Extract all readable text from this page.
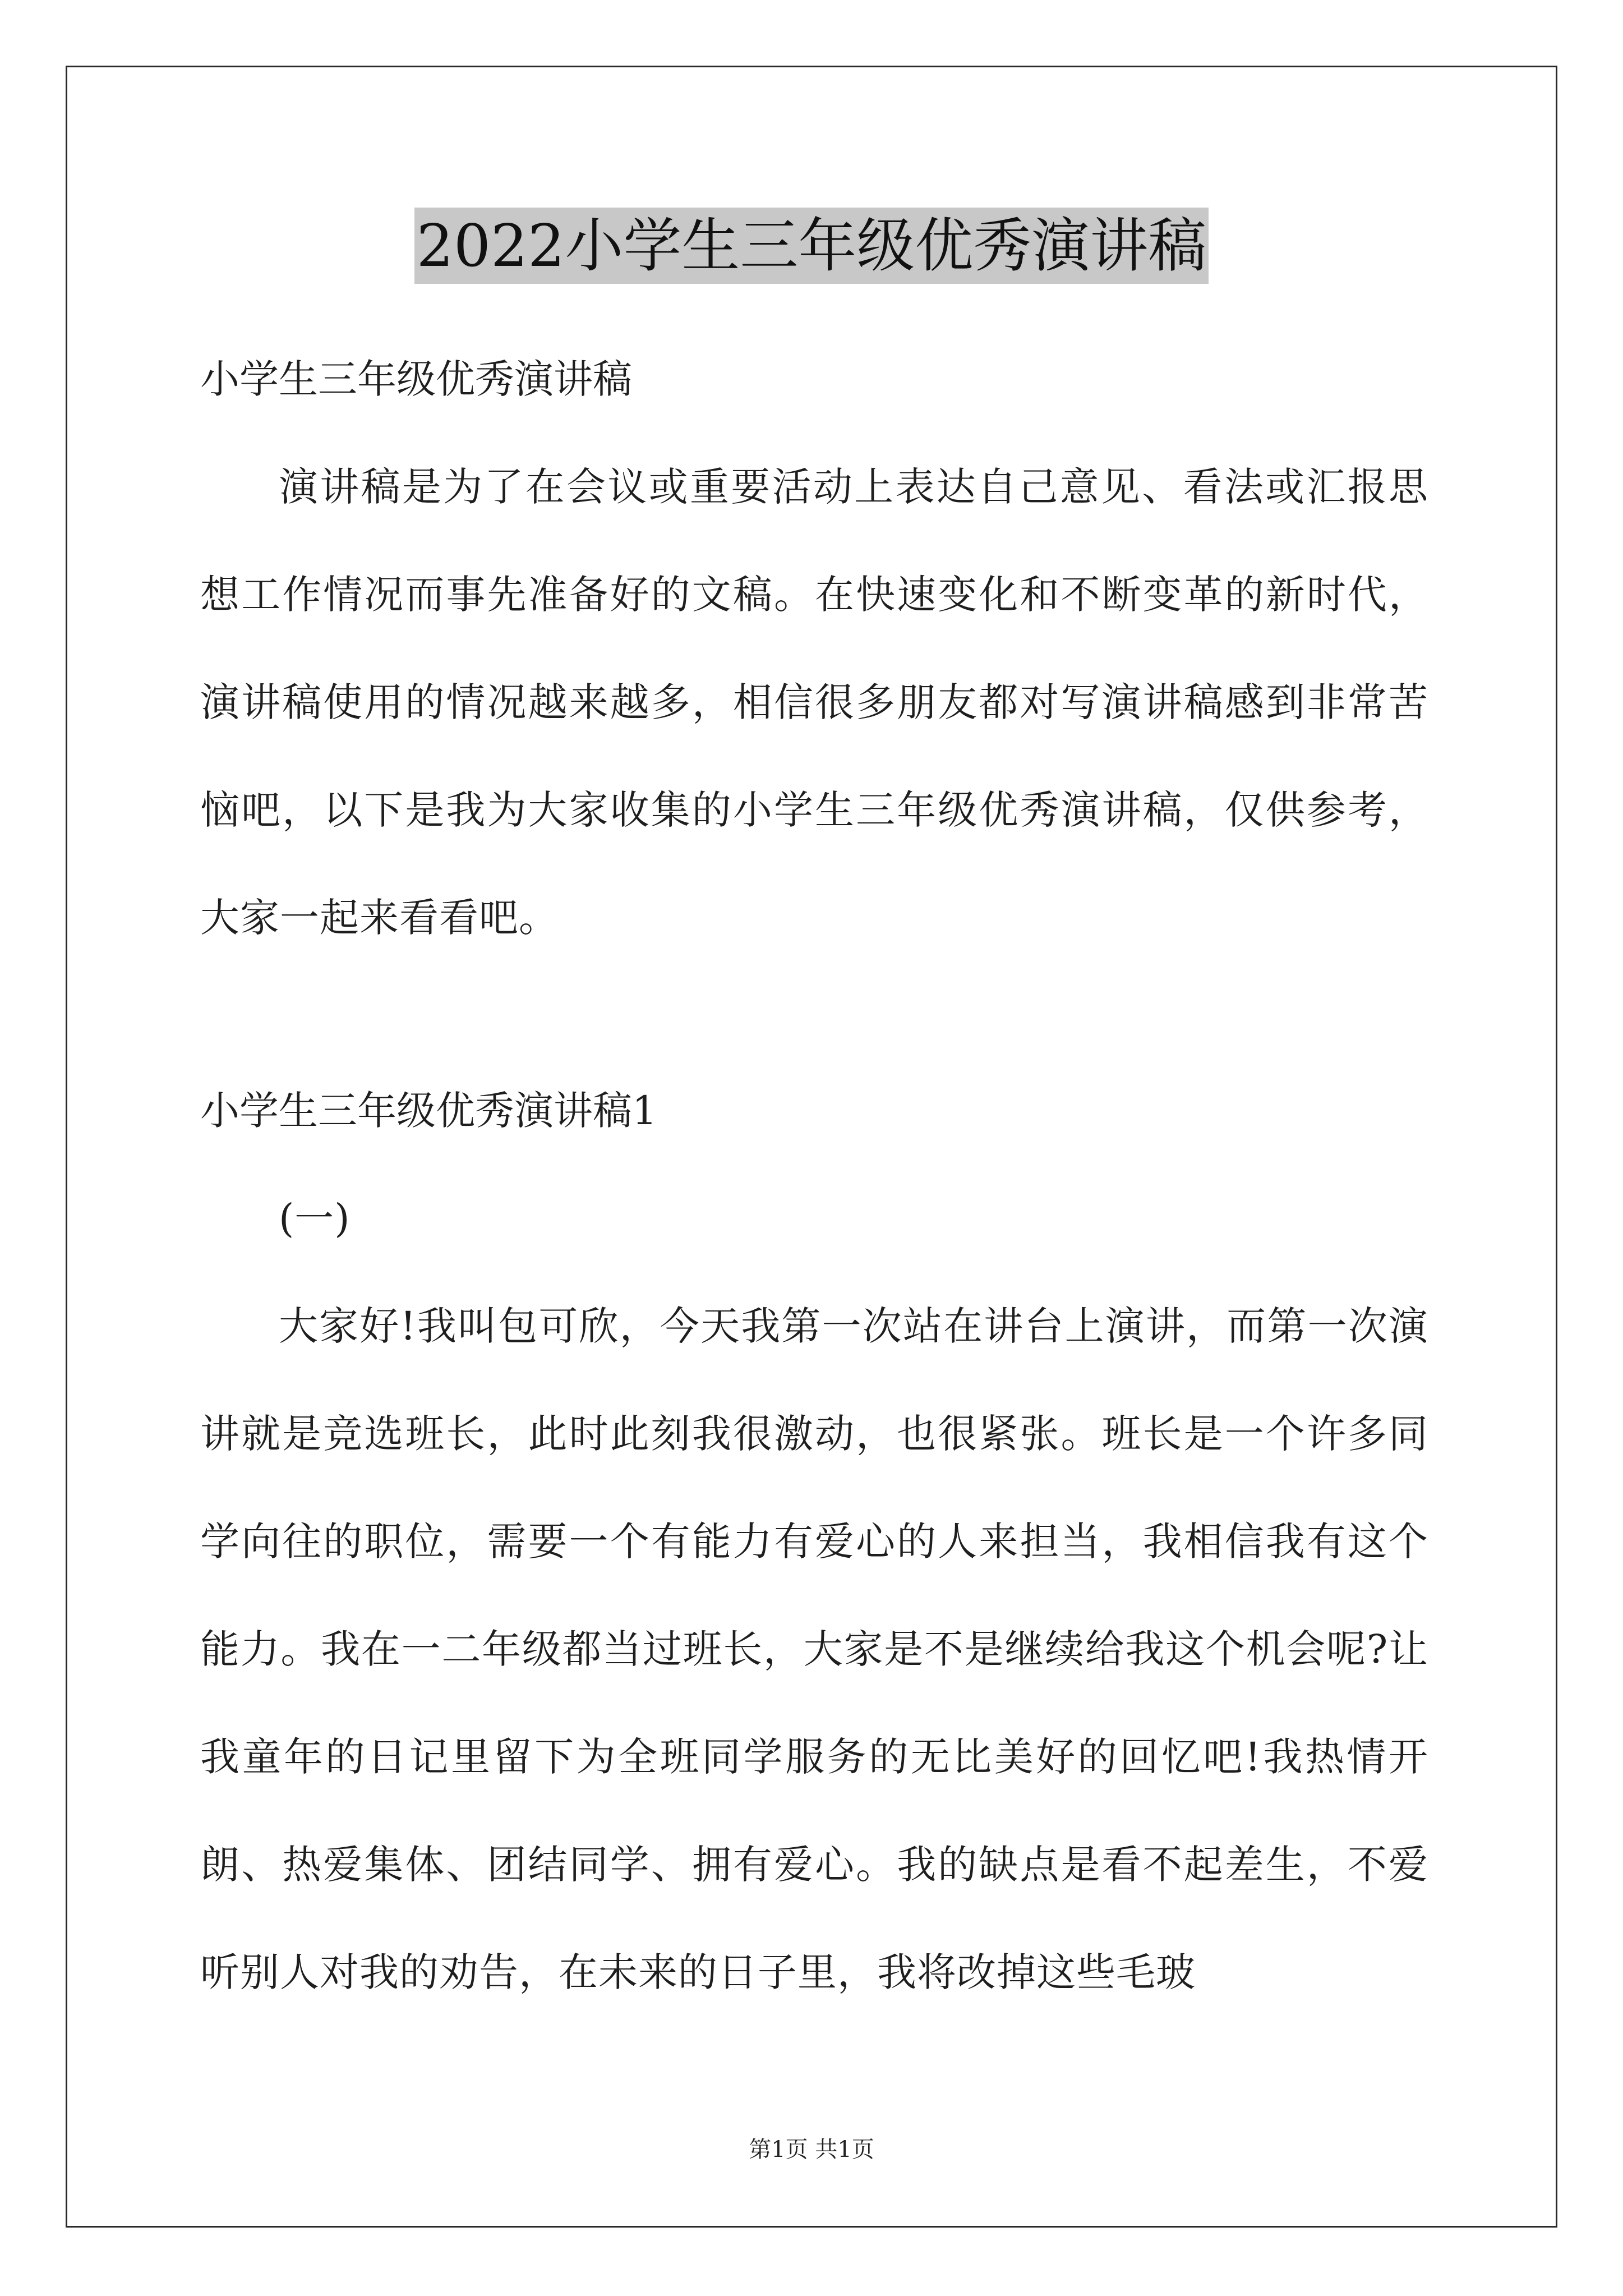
2022小学生三年级优秀演讲稿
小学生三年级优秀演讲稿

演讲稿是为了在会议或重要活动上表达自己意见、看法或汇报思想工作情况而事先准备好的文稿。在快速变化和不断变革的新时代，演讲稿使用的情况越来越多，相信很多朋友都对写演讲稿感到非常苦恼吧，以下是我为大家收集的小学生三年级优秀演讲稿，仅供参考，大家一起来看看吧。

小学生三年级优秀演讲稿1

(一)

大家好!我叫包可欣，今天我第一次站在讲台上演讲，而第一次演讲就是竞选班长，此时此刻我很激动，也很紧张。班长是一个许多同学向往的职位，需要一个有能力有爱心的人来担当，我相信我有这个能力。我在一二年级都当过班长，大家是不是继续给我这个机会呢?让我童年的日记里留下为全班同学服务的无比美好的回忆吧!我热情开朗、热爱集体、团结同学、拥有爱心。我的缺点是看不起差生，不爱听别人对我的劝告，在未来的日子里，我将改掉这些毛玻

第1页 共1页
